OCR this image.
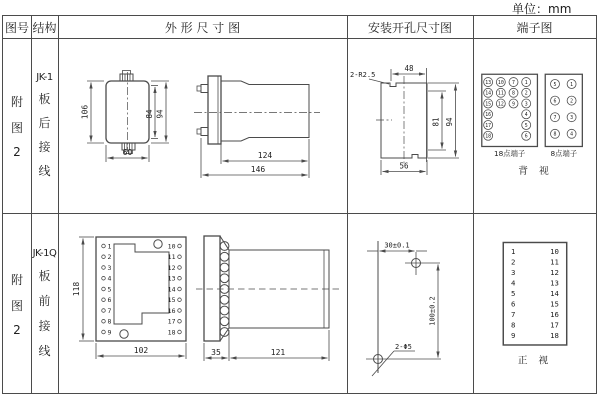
单位：mm
图号 结构	外 形 尺 寸 图	安装开孔尺寸图	端子图
附
图
2
JK-1
板
后
接
线
106	84 94
60	124
146
2-R2.5
48
81 94
56
13 10 7 1
14 11 8 2
15 12 9 3
16	4
17	5
18	6
5	1
6	2
7	3
8	4
18点端子	8点端子
背 视
附
图
2
JK-1Q
板
前
接
线
1
2
3
4
5
6
7
8
9
10
11
12
13
14
15
16
17
18
118
102	35	121
30±0.1
100±0.2
2-Φ5
1
2
3
4
5
6
7
8
9
10
11
12
13
14
15
16
17
18
正 视
